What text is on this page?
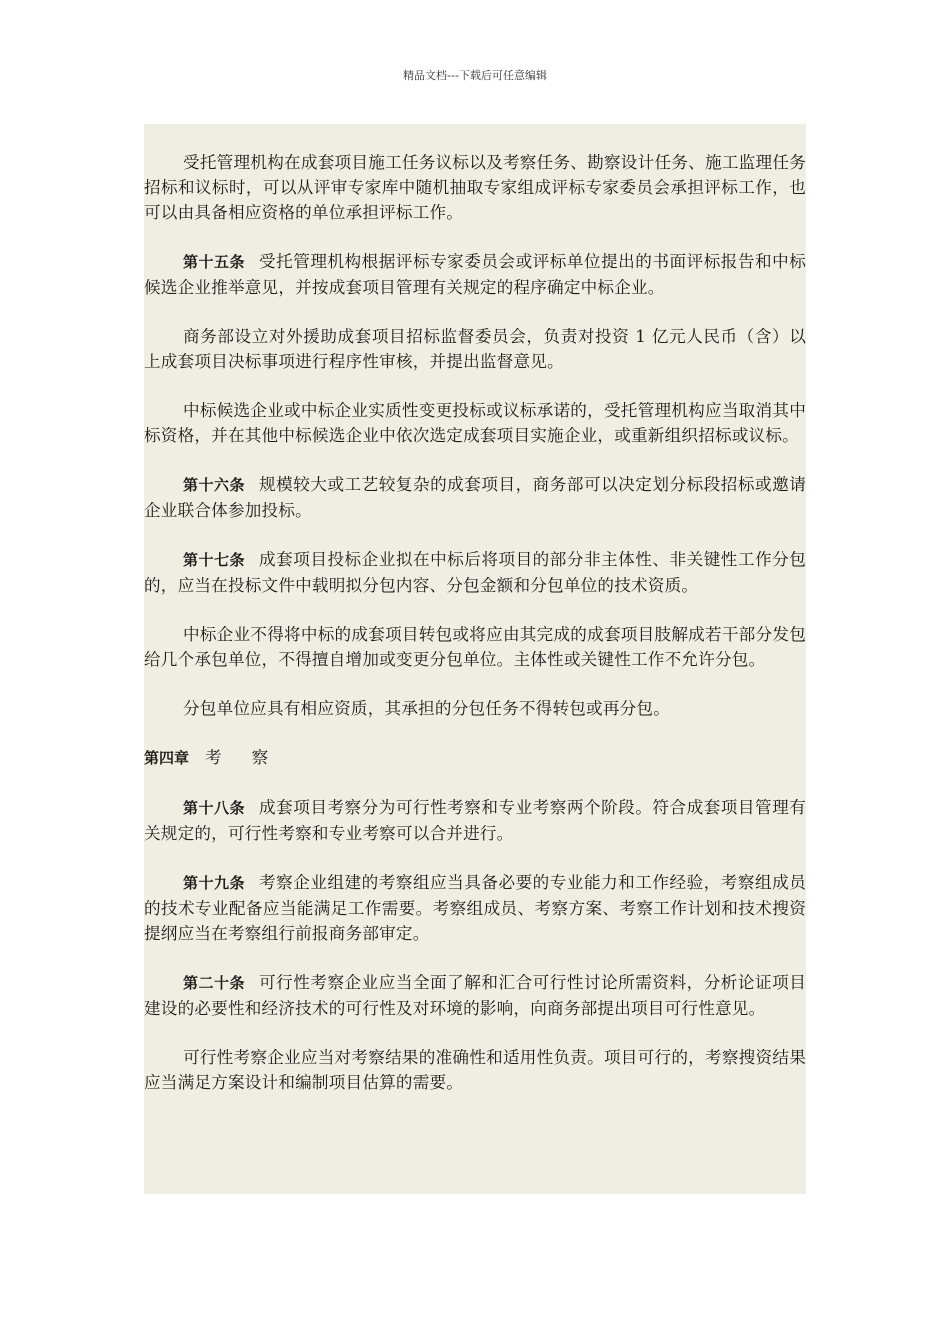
精品文档---下载后可任意编辑
受托管理机构在成套项目施工任务议标以及考察任务、勘察设计任务、施工监理任务招标和议标时，可以从评审专家库中随机抽取专家组成评标专家委员会承担评标工作，也可以由具备相应资格的单位承担评标工作。
第十五条 受托管理机构根据评标专家委员会或评标单位提出的书面评标报告和中标候选企业推举意见，并按成套项目管理有关规定的程序确定中标企业。
商务部设立对外援助成套项目招标监督委员会，负责对投资 1 亿元人民币（含）以上成套项目决标事项进行程序性审核，并提出监督意见。
中标候选企业或中标企业实质性变更投标或议标承诺的，受托管理机构应当取消其中标资格，并在其他中标候选企业中依次选定成套项目实施企业，或重新组织招标或议标。
第十六条 规模较大或工艺较复杂的成套项目，商务部可以决定划分标段招标或邀请企业联合体参加投标。
第十七条 成套项目投标企业拟在中标后将项目的部分非主体性、非关键性工作分包的，应当在投标文件中载明拟分包内容、分包金额和分包单位的技术资质。
中标企业不得将中标的成套项目转包或将应由其完成的成套项目肢解成若干部分发包给几个承包单位，不得擅自增加或变更分包单位。主体性或关键性工作不允许分包。
分包单位应具有相应资质，其承担的分包任务不得转包或再分包。
第四章 考察
第十八条 成套项目考察分为可行性考察和专业考察两个阶段。符合成套项目管理有关规定的，可行性考察和专业考察可以合并进行。
第十九条 考察企业组建的考察组应当具备必要的专业能力和工作经验，考察组成员的技术专业配备应当能满足工作需要。考察组成员、考察方案、考察工作计划和技术搜资提纲应当在考察组行前报商务部审定。
第二十条 可行性考察企业应当全面了解和汇合可行性讨论所需资料，分析论证项目建设的必要性和经济技术的可行性及对环境的影响，向商务部提出项目可行性意见。
可行性考察企业应当对考察结果的准确性和适用性负责。项目可行的，考察搜资结果应当满足方案设计和编制项目估算的需要。
